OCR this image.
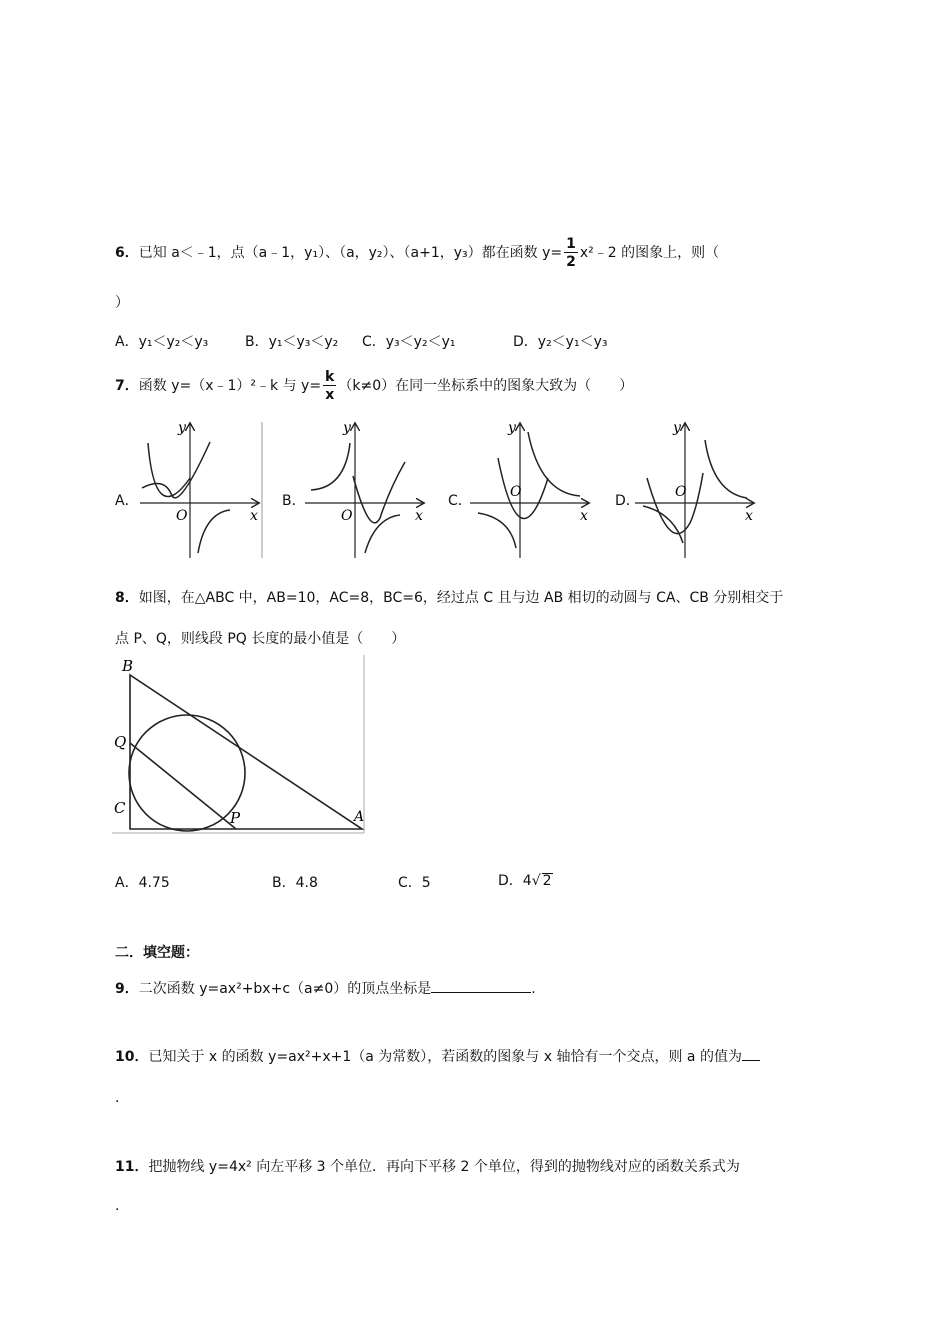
6．已知 a＜﹣1，点（a﹣1，y₁）、（a，y₂）、（a+1，y₃）都在函数 $y= \frac{1}{2}$ x²﹣2 的图象上，则（
）
A．y₁＜y₂＜y₃	B．y₁＜y₃＜y₂ C．y₃＜y₂＜y₁	D．y₂＜y₁＜y₃
7．函数 y=（x﹣1）²﹣k 与 $y= \frac{k}{x} (k\ne 0)$在同一坐标系中的图象大致为（　　）
A．	B．	C．	D．
y
x
O
y
x
O
y
x
O
y
x
O
8．如图，在△ABC 中，AB=10，AC=8，BC=6，经过点 C 且与边 AB 相切的动圆与 CA、CB 分别相交于
点 P、Q，则线段 PQ 长度的最小值是（　　）
B
Q
C
P	A
A．4.75	B．4.8	C．5	D．4√ 2
二．填空题：
9．二次函数 y=ax²+bx+c（a≠0）的顶点坐标是	.
10．已知关于 x 的函数 y=ax²+x+1（a 为常数），若函数的图象与 x 轴恰有一个交点，则 a 的值为
.
11．把抛物线 y=4x² 向左平移 3 个单位．再向下平移 2 个单位，得到的抛物线对应的函数关系式为
.
